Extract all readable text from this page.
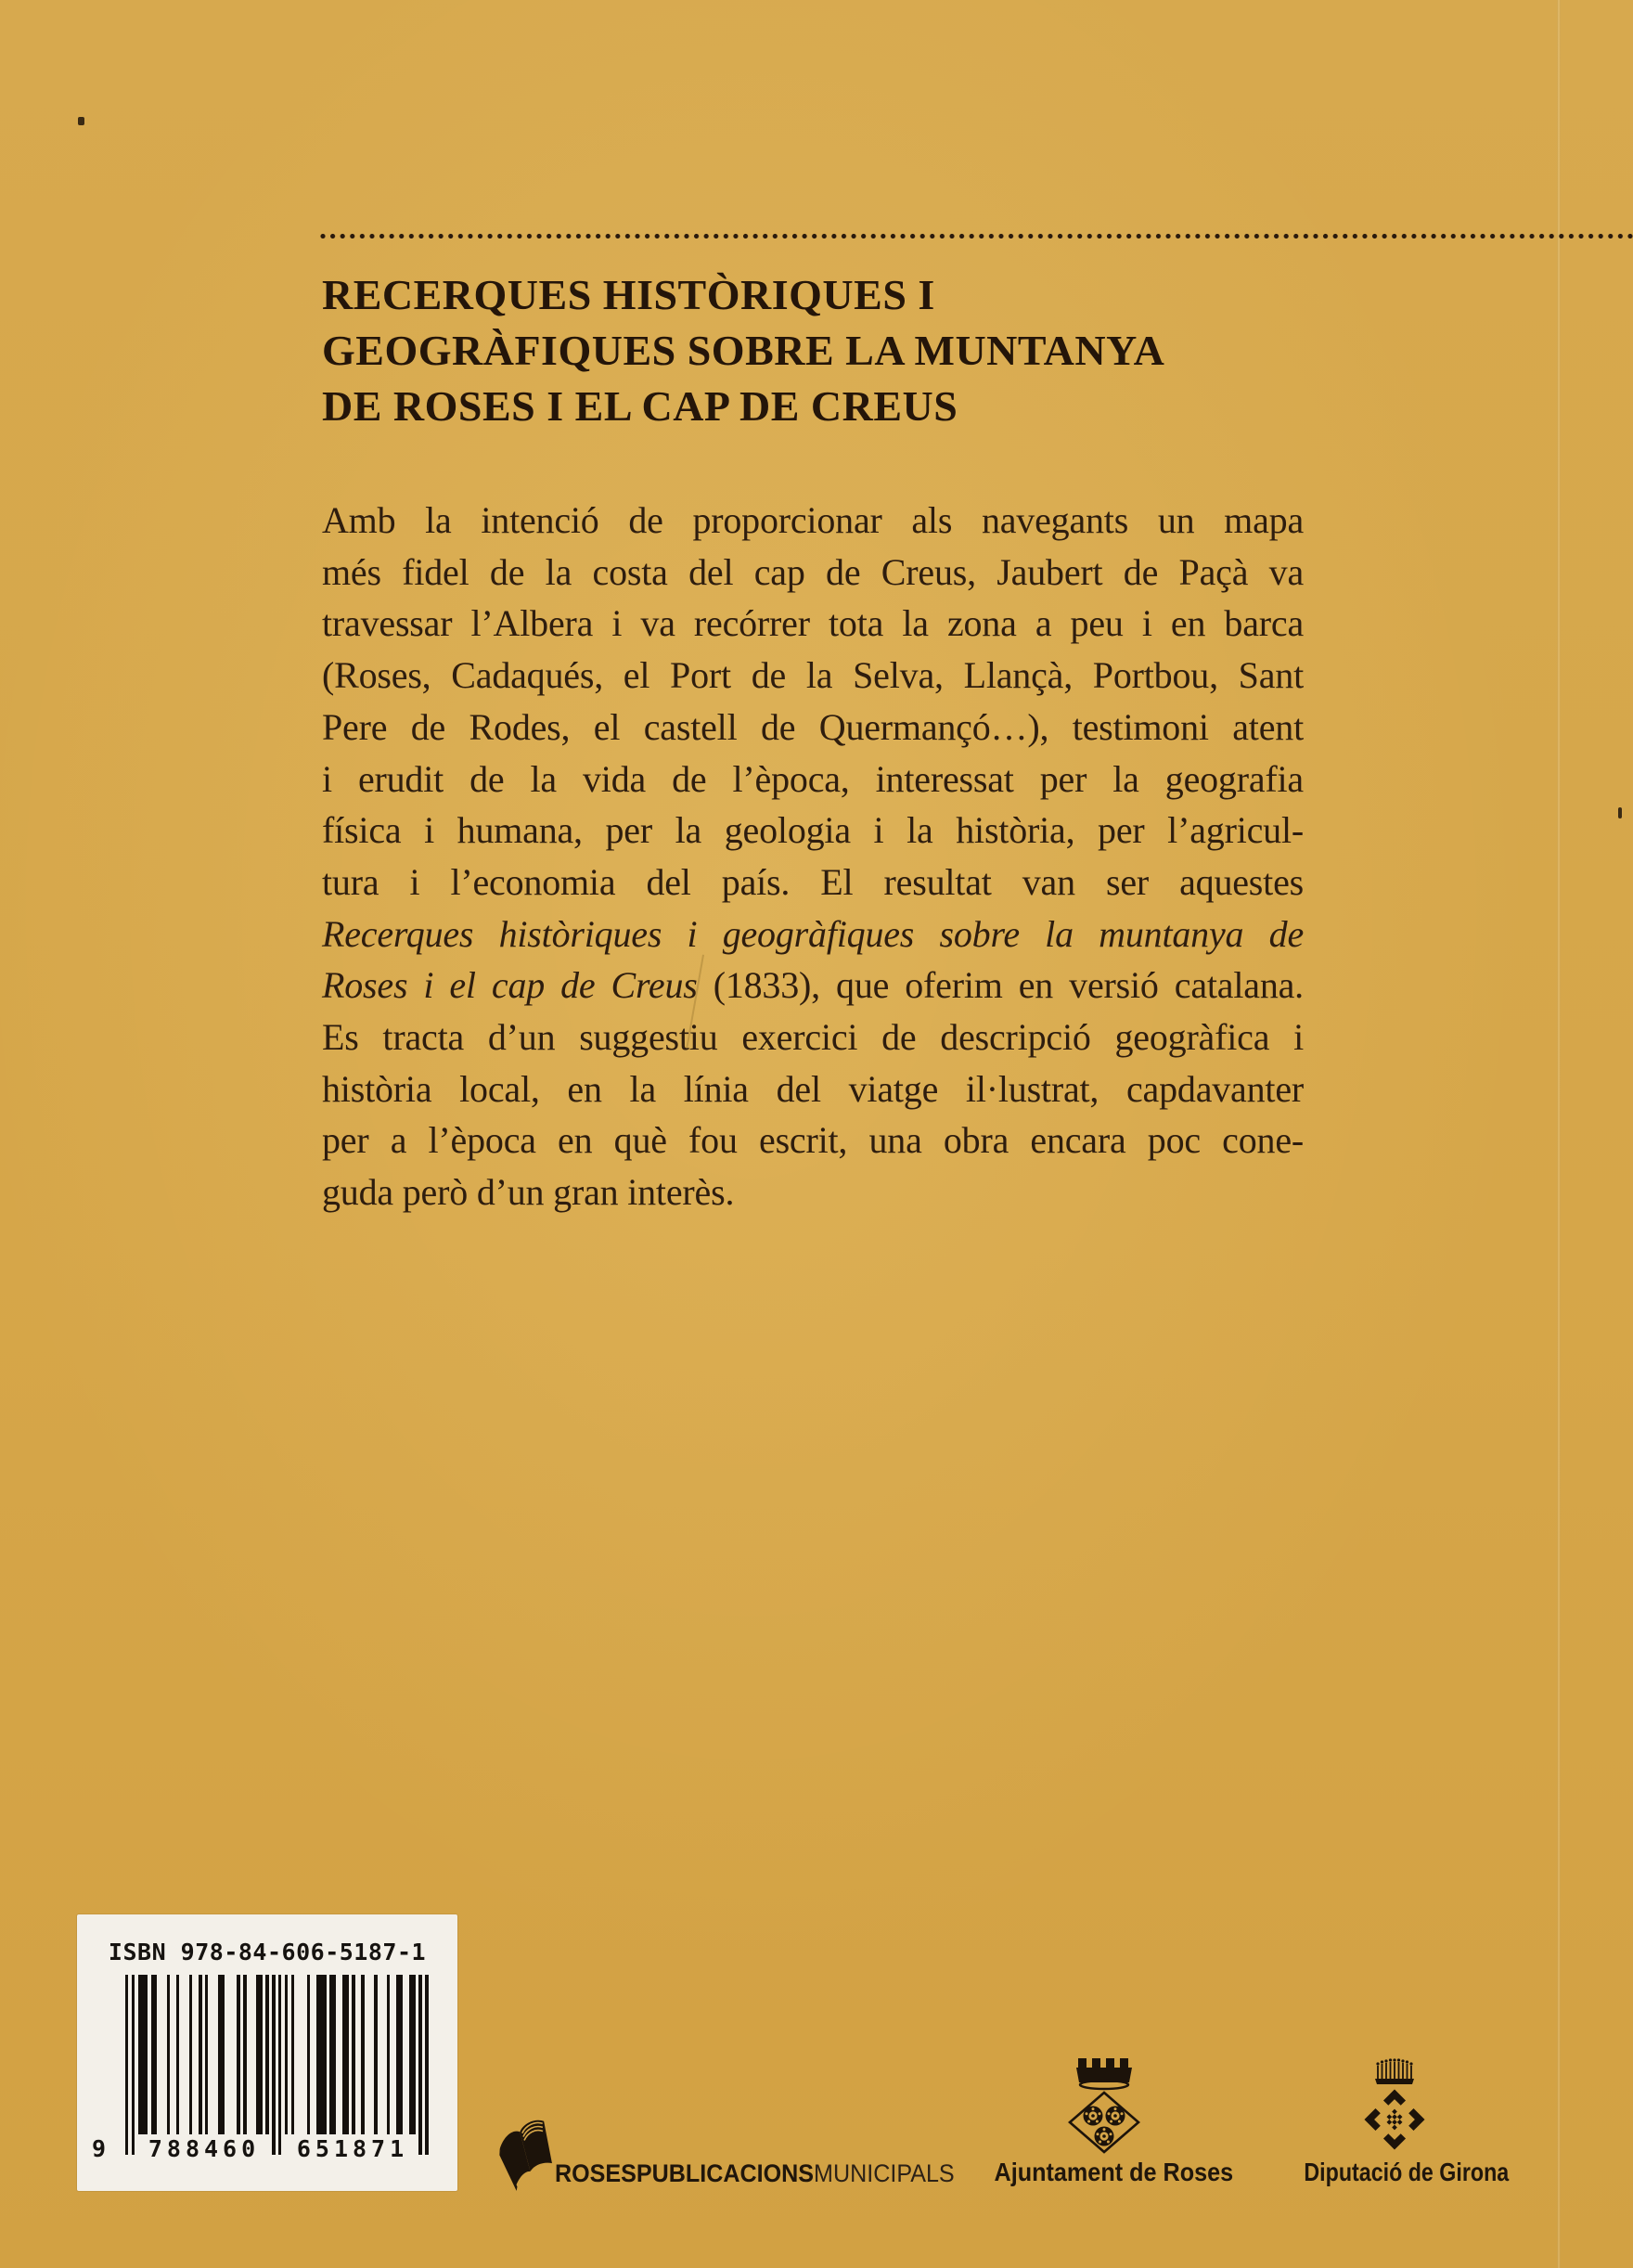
RECERQUES HISTÒRIQUES I
GEOGRÀFIQUES SOBRE LA MUNTANYA
DE ROSES I EL CAP DE CREUS
Amb la intenció de proporcionar als navegants un mapa
més fidel de la costa del cap de Creus, Jaubert de Paçà va
travessar l’Albera i va recórrer tota la zona a peu i en barca
(Roses, Cadaqués, el Port de la Selva, Llançà, Portbou, Sant
Pere de Rodes, el castell de Quermançó…), testimoni atent
i erudit de la vida de l’època, interessat per la geografia
física i humana, per la geologia i la història, per l’agricul-
tura i l’economia del país. El resultat van ser aquestes
Recerques històriques i geogràfiques sobre la muntanya de
Roses i el cap de Creus (1833), que oferim en versió catalana.
Es tracta d’un suggestiu exercici de descripció geogràfica i
història local, en la línia del viatge il·lustrat, capdavanter
per a l’època en què fou escrit, una obra encara poc cone-
guda però d’un gran interès.
ISBN 978-84-606-5187-1
9	788460	651871
ROSESPUBLICACIONSMUNICIPALS Ajuntament de Roses	Diputació de Girona
